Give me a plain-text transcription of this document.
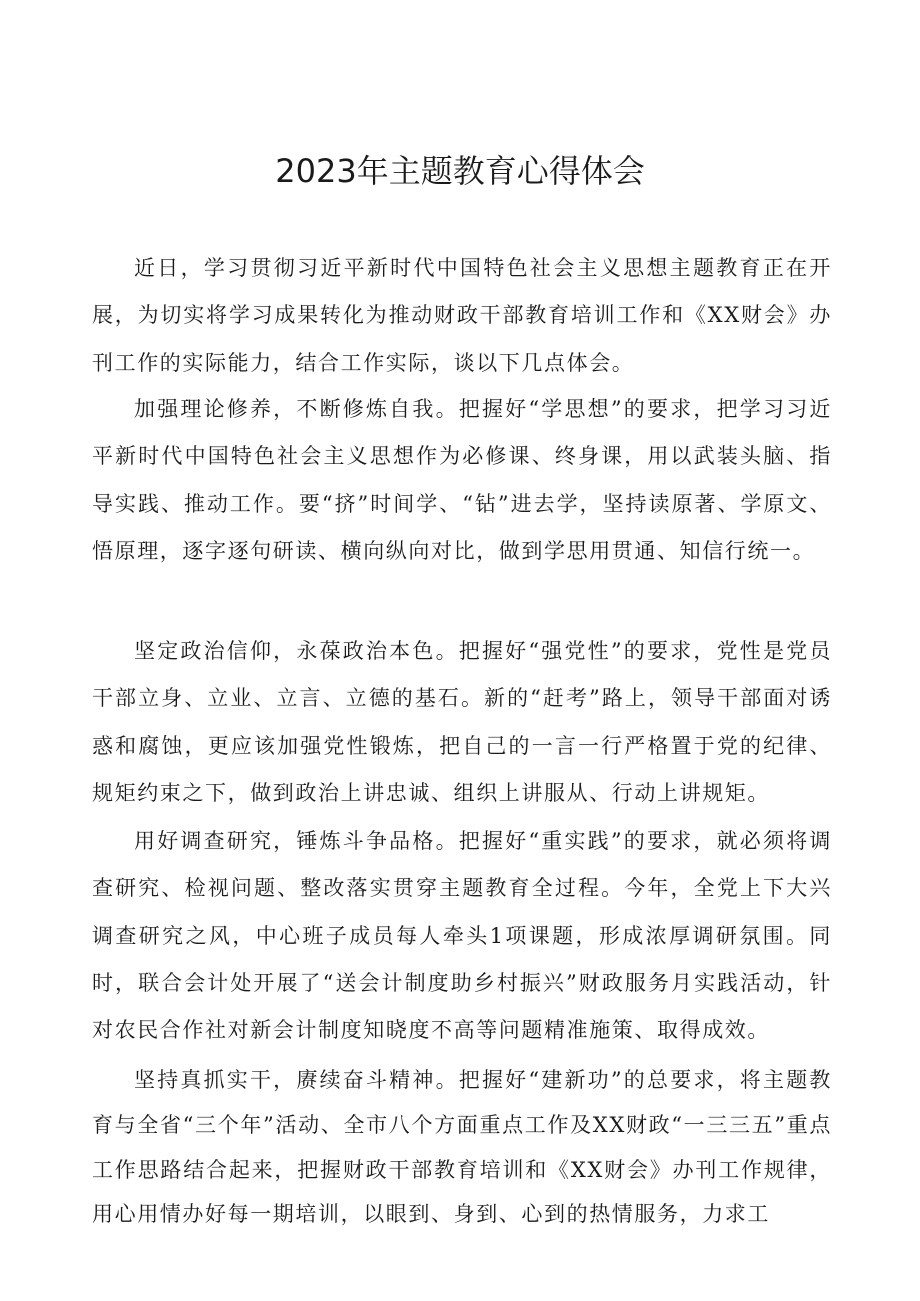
2023年主题教育心得体会

近日，学习贯彻习近平新时代中国特色社会主义思想主题教育正在开展，为切实将学习成果转化为推动财政干部教育培训工作和《XX财会》办刊工作的实际能力，结合工作实际，谈以下几点体会。

加强理论修养，不断修炼自我。把握好“学思想”的要求，把学习习近平新时代中国特色社会主义思想作为必修课、终身课，用以武装头脑、指导实践、推动工作。要“挤”时间学、“钻”进去学，坚持读原著、学原文、悟原理，逐字逐句研读、横向纵向对比，做到学思用贯通、知信行统一。

坚定政治信仰，永葆政治本色。把握好“强党性”的要求，党性是党员干部立身、立业、立言、立德的基石。新的“赶考”路上，领导干部面对诱惑和腐蚀，更应该加强党性锻炼，把自己的一言一行严格置于党的纪律、规矩约束之下，做到政治上讲忠诚、组织上讲服从、行动上讲规矩。

用好调查研究，锤炼斗争品格。把握好“重实践”的要求，就必须将调查研究、检视问题、整改落实贯穿主题教育全过程。今年，全党上下大兴调查研究之风，中心班子成员每人牵头1项课题，形成浓厚调研氛围。同时，联合会计处开展了“送会计制度助乡村振兴”财政服务月实践活动，针对农民合作社对新会计制度知晓度不高等问题精准施策、取得成效。

坚持真抓实干，赓续奋斗精神。把握好“建新功”的总要求，将主题教育与全省“三个年”活动、全市八个方面重点工作及XX财政“一三三五”重点工作思路结合起来，把握财政干部教育培训和《XX财会》办刊工作规律，用心用情办好每一期培训，以眼到、身到、心到的热情服务，力求工
